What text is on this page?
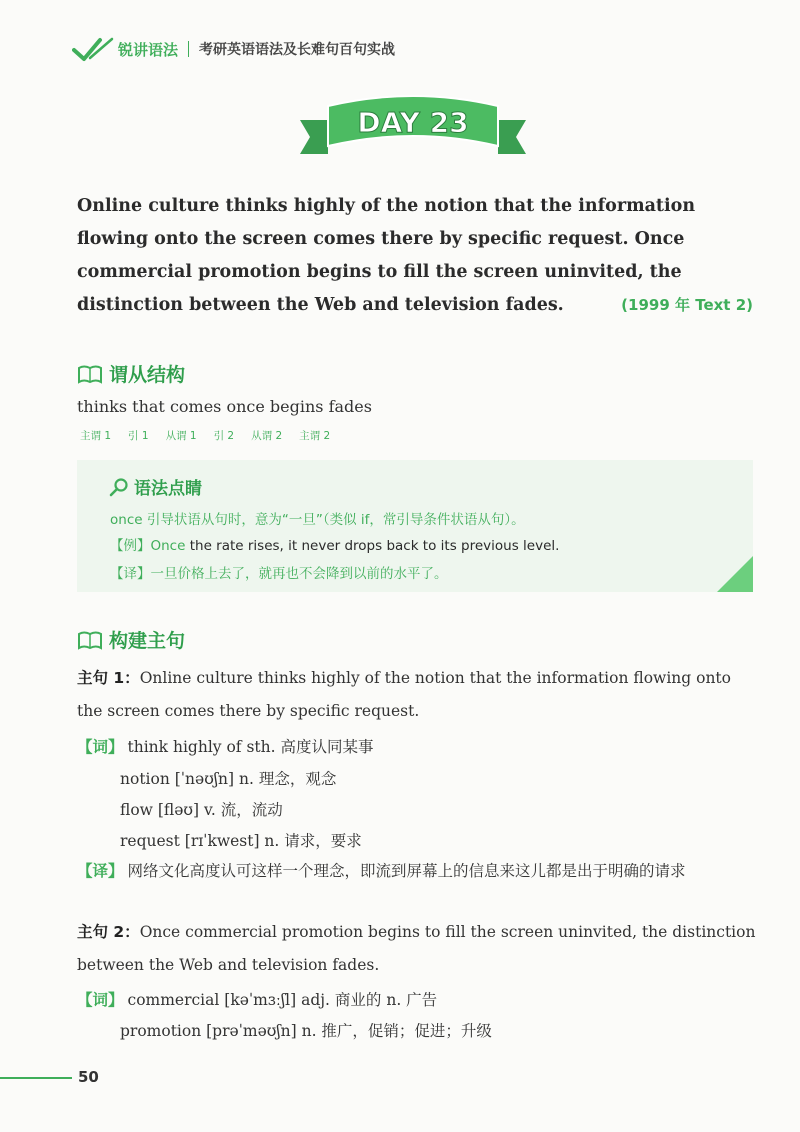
锐讲语法 考研英语语法及长难句百句实战
DAY 23

Online culture thinks highly of the notion that the information flowing onto the screen comes there by specific request. Once commercial promotion begins to fill the screen uninvited, the distinction between the Web and television fades.	(1999 年 Text 2)
谓从结构

thinks that comes once begins fades

主谓 1 引 1 从谓 1 引 2 从谓 2 主谓 2
语法点睛
once 引导状语从句时，意为“一旦”（类似 if，常引导条件状语从句）。
【例】Once the rate rises, it never drops back to its previous level.
【译】一旦价格上去了，就再也不会降到以前的水平了。
构建主句

主句 1：Online culture thinks highly of the notion that the information flowing onto the screen comes there by specific request.

【词】 think highly of sth. 高度认同某事
notion [ˈnəʊʃn] n. 理念，观念
flow [fləʊ] v. 流，流动
request [rɪˈkwest] n. 请求，要求
【译】 网络文化高度认可这样一个理念，即流到屏幕上的信息来这儿都是出于明确的请求

主句 2：Once commercial promotion begins to fill the screen uninvited, the distinction between the Web and television fades.

【词】 commercial [kəˈmɜːʃl] adj. 商业的 n. 广告
promotion [prəˈməʊʃn] n. 推广，促销；促进；升级
50
